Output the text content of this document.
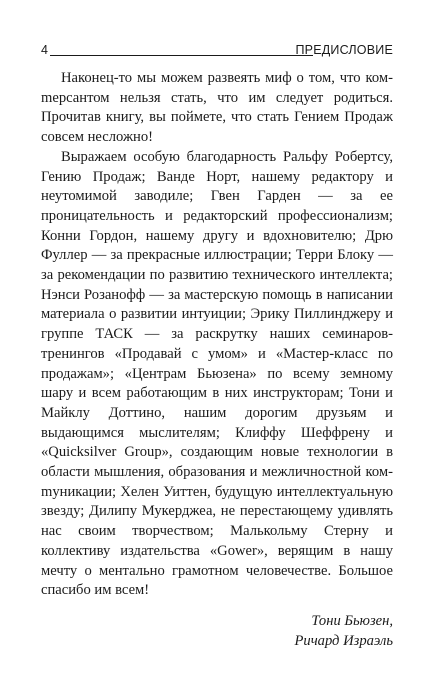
4	ПРЕДИСЛОВИЕ

Наконец-то мы можем развеять миф о том, что комmерсантом нельзя стать, что им следует родиться. Прочитав книгу, вы поймете, что стать Гением Продаж совсем несложно!

Выражаем особую благодарность Ральфу Робертсу, Гению Продаж; Ванде Норт, нашему редактору и неутомимой заводиле; Гвен Гарден — за ее проницательность и редакторский профессионализм; Конни Гордон, нашему другу и вдохновителю; Дрю Фуллер — за прекрасные иллюстрации; Терри Блоку — за рекомендации по развитию технического интеллекта; Нэнси Розанофф — за мастерскую помощь в написании материала о развитии интуиции; Эрику Пиллинджеру и группе ТАСК — за раскрутку наших семинаров-тренингов «Продавай с умом» и «Мастер-класс по продажам»; «Центрам Бьюзена» по всему земному шару и всем работающим в них инструкторам; Тони и Майклу Доттино, нашим дорогим друзьям и выдающимся мыслителям; Клиффу Шеффрену и «Quicksilver Group», создающим новые технологии в области мышления, образования и межличностной комmуникации; Хелен Уиттен, будущую интеллектуальную звезду; Дилипу Мукерджеа, не перестающему удивлять нас своим творчеством; Малькольму Стерну и коллективу издательства «Gower», верящим в нашу мечту о ментально грамотном человечестве. Большое спасибо им всем!

Тони Бьюзен,
Ричард Израэль
